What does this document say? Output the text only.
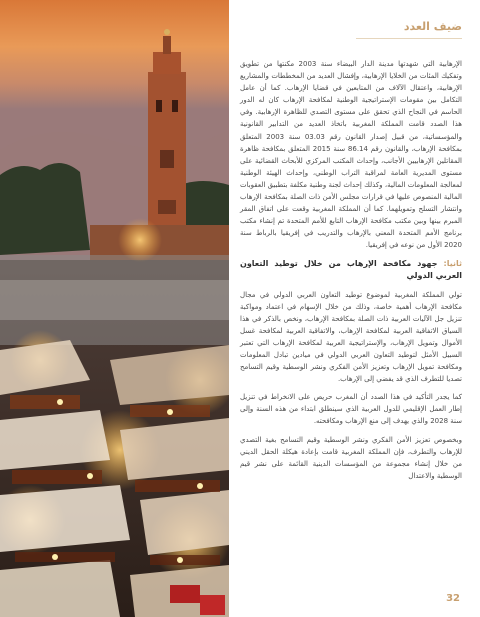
ضيف العدد

الإرهابية التي شهدتها مدينة الدار البيضاء سنة 2003 مكنتها من تطويق وتفكيك المئات من الخلايا الإرهابية، وإفشال العديد من المخططات والمشاريع الإرهابية، واعتقال الآلاف من المتابعين في قضايا الإرهاب. كما أن عامل التكامل بين مقومات الإستراتيجية الوطنية لمكافحة الإرهاب كان له الدور الحاسم في النجاح الذي تحقق على مستوى التصدي للظاهرة الإرهابية. وفي هذا الصدد قامت المملكة المغربية باتخاذ العديد من التدابير القانونية والمؤسساتية، من قبيل إصدار القانون رقم 03.03 سنة 2003 المتعلق بمكافحة الإرهاب، والقانون رقم 86.14 سنة 2015 المتعلق بمكافحة ظاهرة المقاتلين الإرهابيين الأجانب، وإحداث المكتب المركزي للأبحاث القضائية على مستوى المديرية العامة لمراقبة التراب الوطني، وإحداث الهيئة الوطنية لمعالجة المعلومات المالية، وكذلك إحداث لجنة وطنية مكلفة بتطبيق العقوبات المالية المنصوص عليها في قرارات مجلس الأمن ذات الصلة بمكافحة الإرهاب وانتشار التسلح وتمويلهما. كما أن المملكة المغربية وقعت على اتفاق المقر المبرم بينها وبين مكتب مكافحة الإرهاب التابع للأمم المتحدة تم إنشاء مكتب برنامج الأمم المتحدة المعني بالإرهاب والتدريب في إفريقيا بالرباط سنة 2020 الأول من نوعه في إفريقيا.

ثانيا: جهود مكافحة الإرهاب من خلال توطيد التعاون العربي الدولي

تولي المملكة المغربية لموضوع توطيد التعاون العربي الدولي في مجال مكافحة الإرهاب أهمية خاصة، وذلك من خلال الإسهام في اعتماد ومواكبة تنزيل جل الآليات العربية ذات الصلة بمكافحة الإرهاب، ونخص بالذكر في هذا السياق الاتفاقية العربية لمكافحة الإرهاب، والاتفاقية العربية لمكافحة غسل الأموال وتمويل الإرهاب، والإستراتيجية العربية لمكافحة الإرهاب التي تعتبر السبيل الأمثل لتوطيد التعاون العربي الدولي في ميادين تبادل المعلومات ومكافحة تمويل الإرهاب وتعزيز الأمن الفكري ونشر الوسطية وقيم التسامح تصديا للتطرف الذي قد يفضي إلى الإرهاب.

كما يجدر التأكيد في هذا الصدد أن المغرب حريص على الانخراط في تنزيل إطار العمل الإقليمي للدول العربية الذي سينطلق ابتداء من هذه السنة وإلى سنة 2028 والذي يهدف إلى منع الإرهاب ومكافحته.

وبخصوص تعزيز الأمن الفكري ونشر الوسطية وقيم التسامح بغية التصدي للإرهاب والتطرف، فإن المملكة المغربية قامت بإعادة هيكلة الحقل الديني من خلال إنشاء مجموعة من المؤسسات الدينية القائمة على نشر قيم الوسطية والاعتدال

32
